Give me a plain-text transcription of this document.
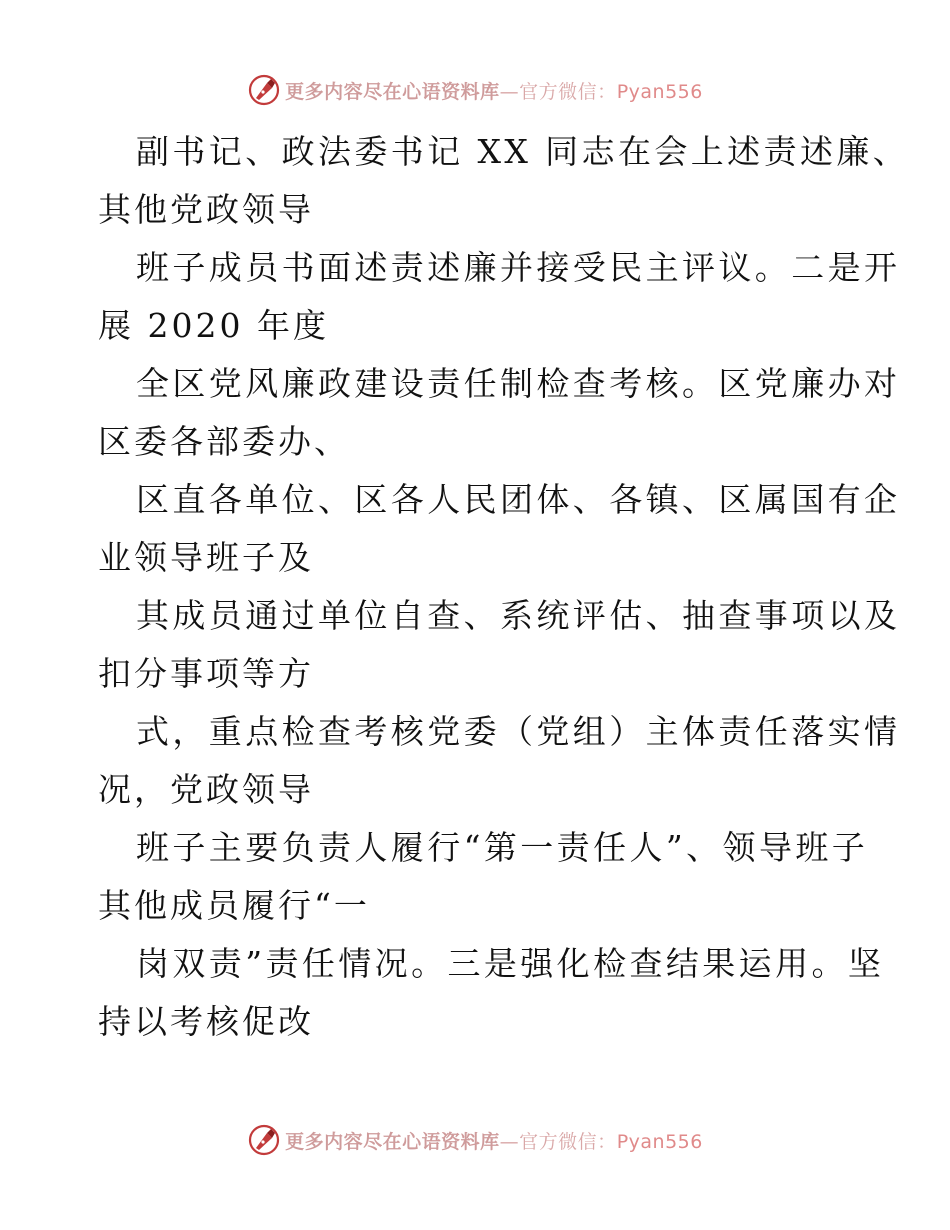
更多内容尽在心语资料库—官方微信：Pyan556
副书记、政法委书记 XX 同志在会上述责述廉、
其他党政领导
班子成员书面述责述廉并接受民主评议。二是开
展 2020 年度
全区党风廉政建设责任制检查考核。区党廉办对
区委各部委办、
区直各单位、区各人民团体、各镇、区属国有企
业领导班子及
其成员通过单位自查、系统评估、抽查事项以及
扣分事项等方
式，重点检查考核党委（党组）主体责任落实情
况，党政领导
班子主要负责人履行“第一责任人”、领导班子
其他成员履行“一
岗双责”责任情况。三是强化检查结果运用。坚
持以考核促改
更多内容尽在心语资料库—官方微信：Pyan556
